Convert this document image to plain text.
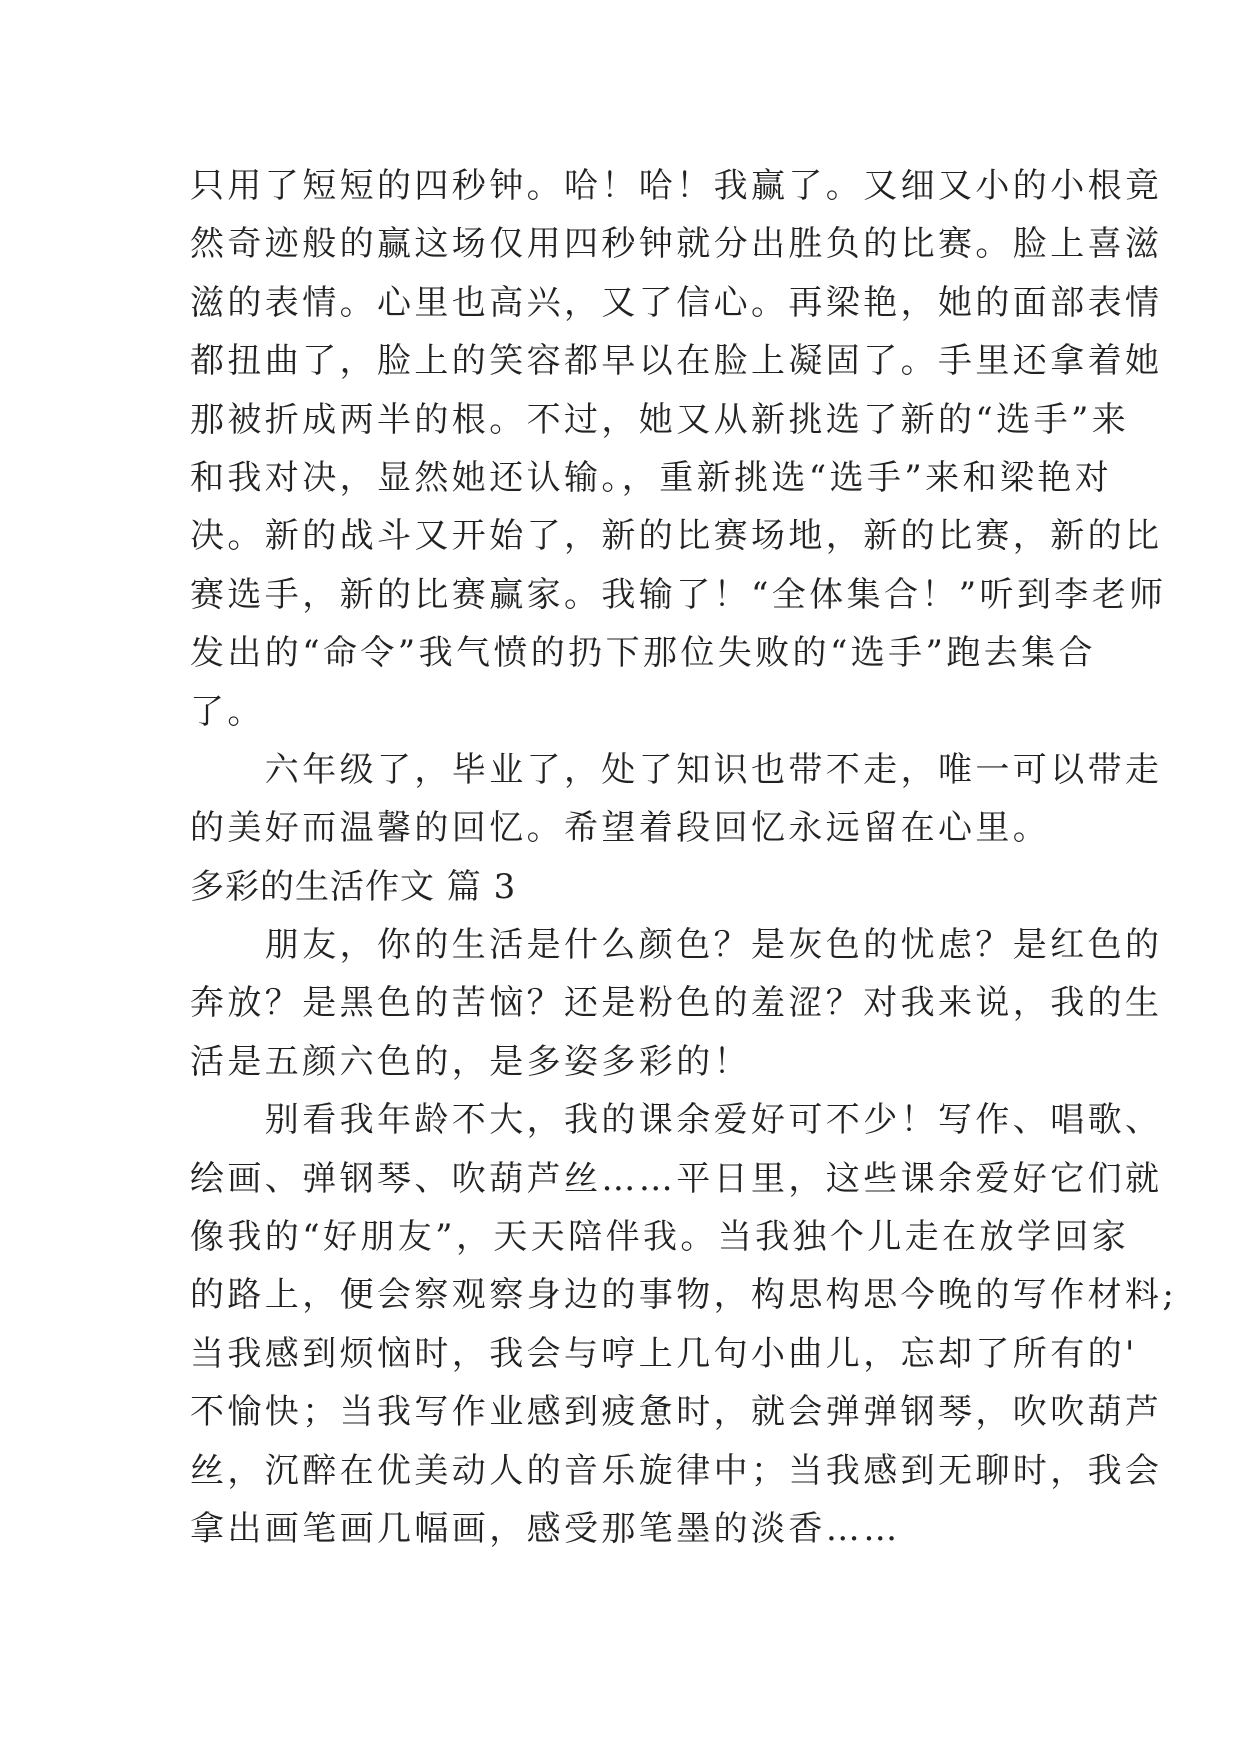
只用了短短的四秒钟。哈！哈！我赢了。又细又小的小根竟
然奇迹般的赢这场仅用四秒钟就分出胜负的比赛。脸上喜滋
滋的表情。心里也高兴，又了信心。再梁艳，她的面部表情
都扭曲了，脸上的笑容都早以在脸上凝固了。手里还拿着她
那被折成两半的根。不过，她又从新挑选了新的“选手”来
和我对决，显然她还认输。，重新挑选“选手”来和梁艳对
决。新的战斗又开始了，新的比赛场地，新的比赛，新的比
赛选手，新的比赛赢家。我输了！“全体集合！”听到李老师
发出的“命令”我气愤的扔下那位失败的“选手”跑去集合
了。
　　六年级了，毕业了，处了知识也带不走，唯一可以带走
的美好而温馨的回忆。希望着段回忆永远留在心里。
多彩的生活作文 篇 3
　　朋友，你的生活是什么颜色？是灰色的忧虑？是红色的
奔放？是黑色的苦恼？还是粉色的羞涩？对我来说，我的生
活是五颜六色的，是多姿多彩的！
　　别看我年龄不大，我的课余爱好可不少！写作、唱歌、
绘画、弹钢琴、吹葫芦丝……平日里，这些课余爱好它们就
像我的“好朋友”，天天陪伴我。当我独个儿走在放学回家
的路上，便会察观察身边的事物，构思构思今晚的写作材料;
当我感到烦恼时，我会与哼上几句小曲儿，忘却了所有的'
不愉快；当我写作业感到疲惫时，就会弹弹钢琴，吹吹葫芦
丝，沉醉在优美动人的音乐旋律中；当我感到无聊时，我会
拿出画笔画几幅画，感受那笔墨的淡香……
